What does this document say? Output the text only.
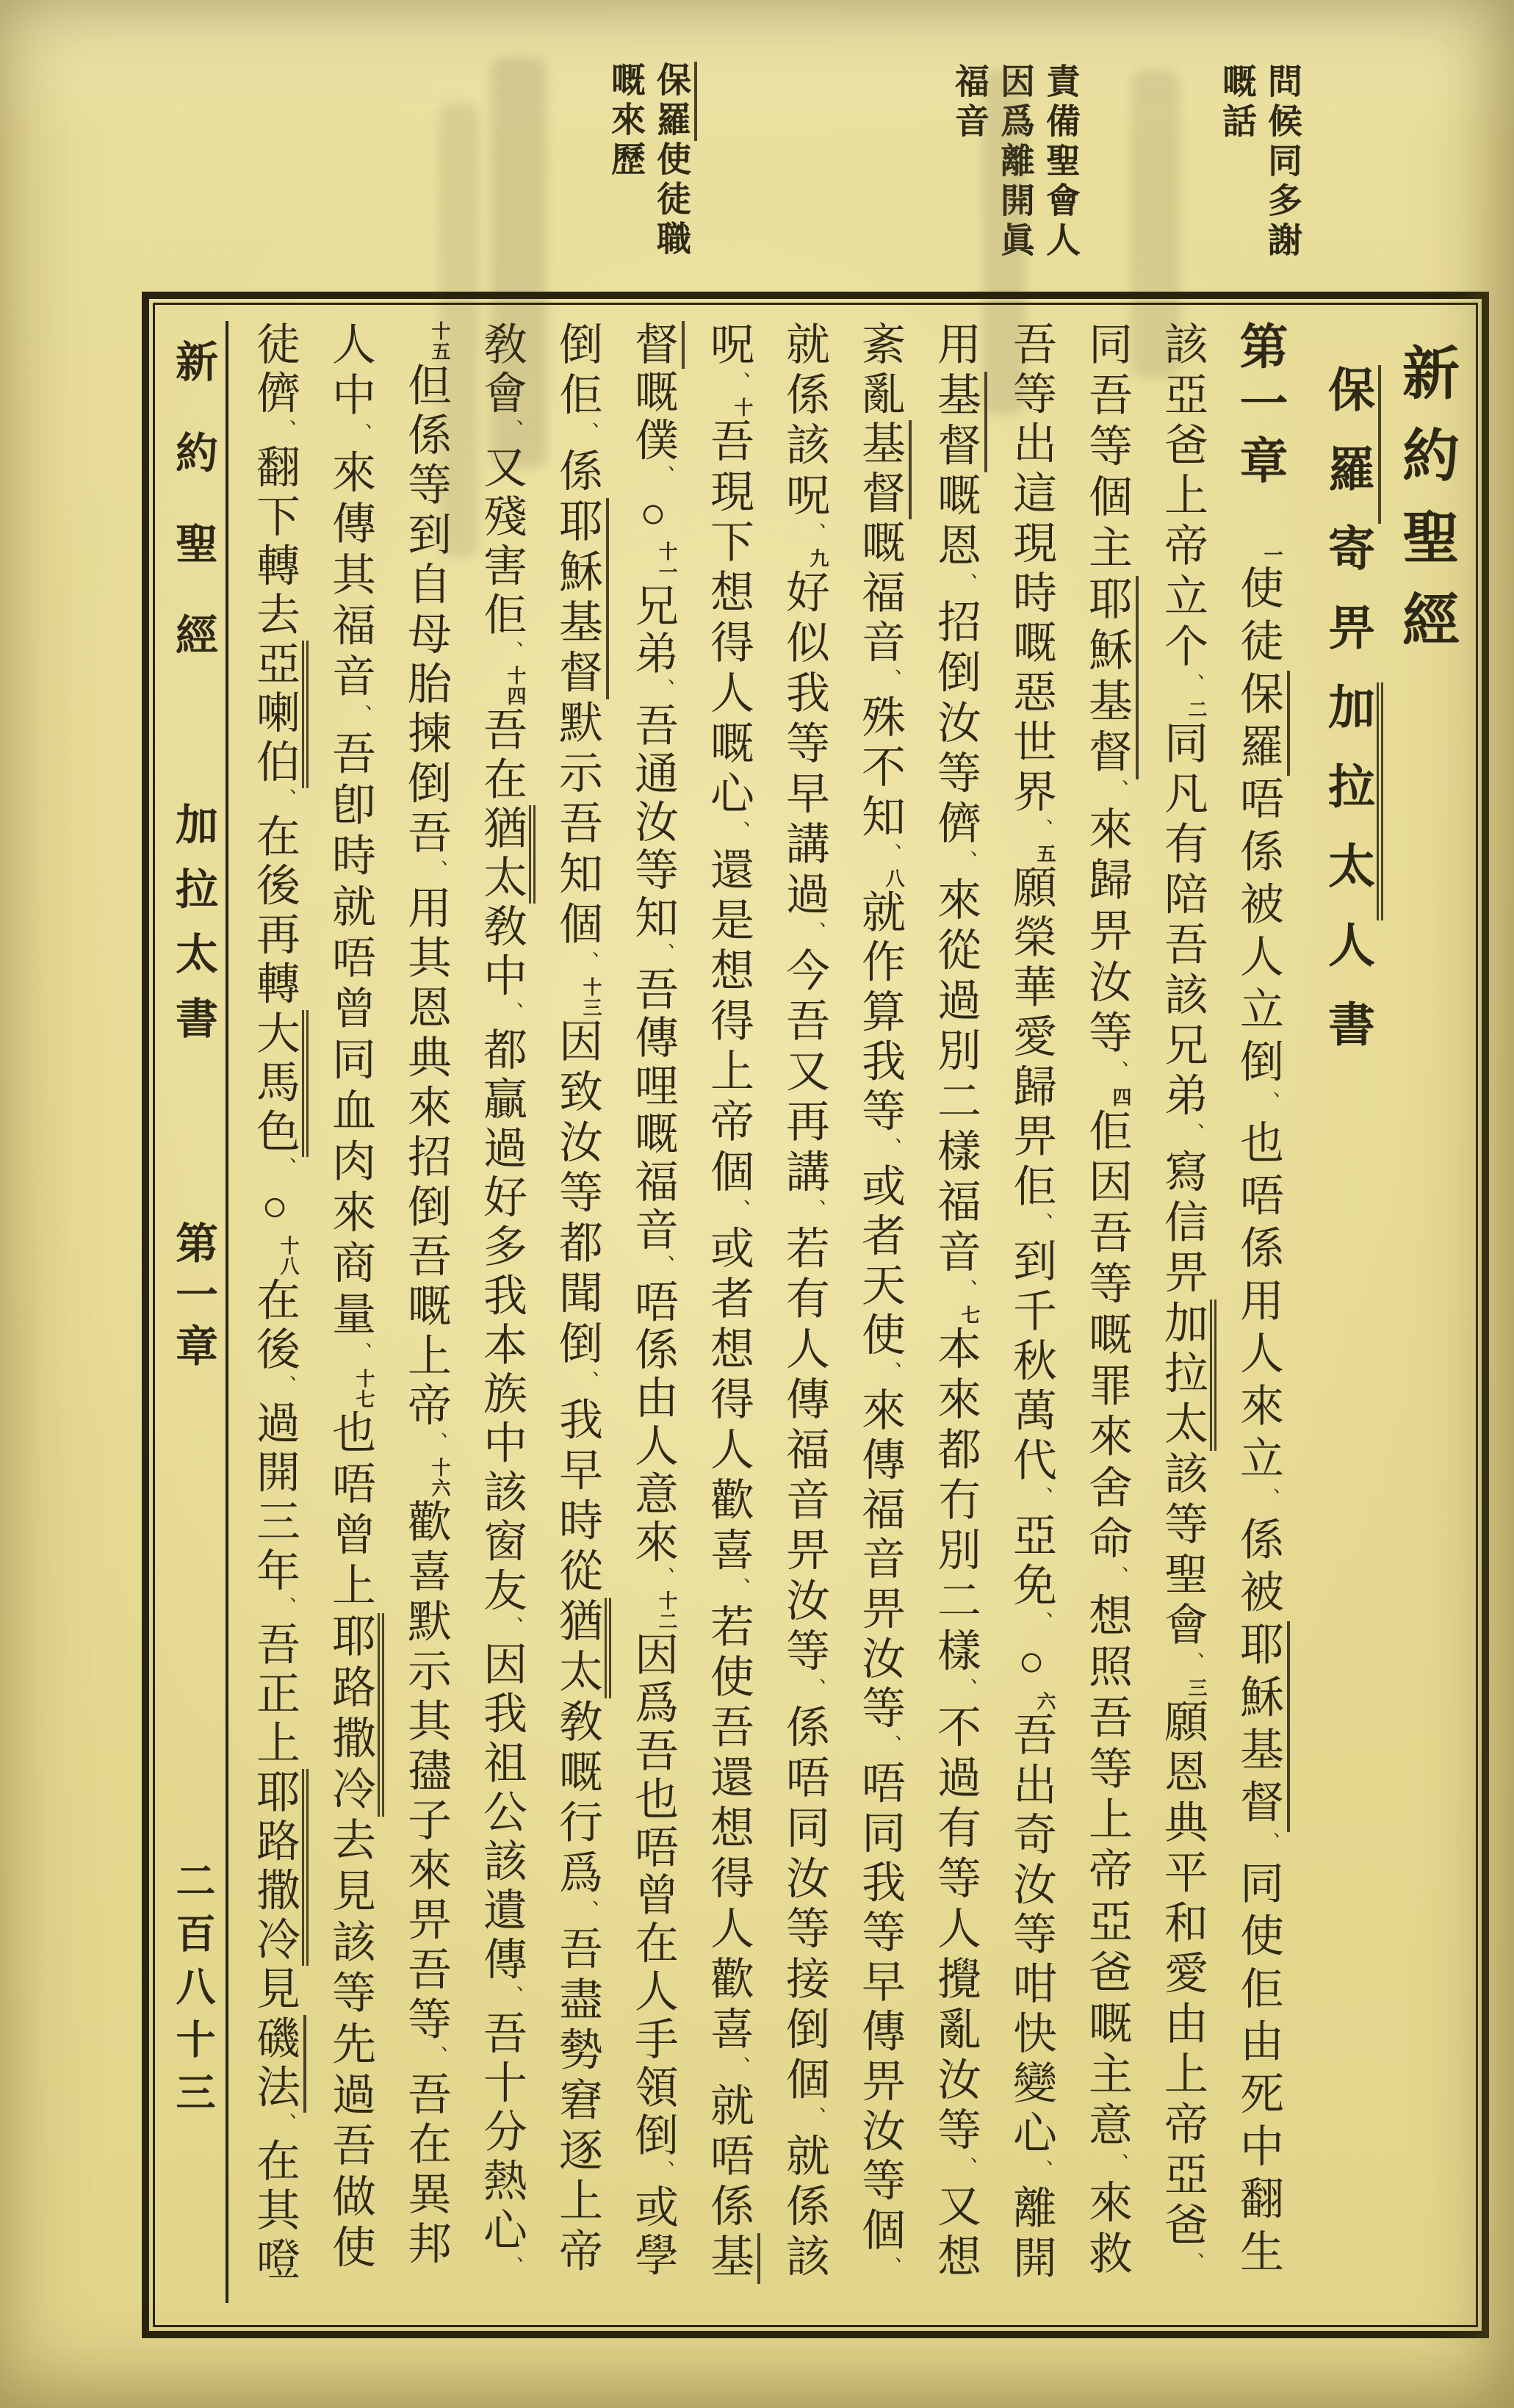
問候同多謝
嘅話
責備聖會人
因爲離開眞
福音
保羅使徒職
嘅來歷
新約聖經
保羅寄畀加拉太人書
第一章　$^一$使徒保羅唔係被人立倒、也唔係用人來立、係被耶穌基督、同使佢由死中翻生
該亞爸上帝立个$^{、二}$同凡有陪吾該兄弟、寫信畀加拉太該等聖會$^{、三}$願恩典平和愛由上帝亞爸、
同吾等個主耶穌基督、來歸畀汝等$^{、四}$佢因吾等嘅罪來舍命、想照吾等上帝亞爸嘅主意、來救
吾等出這現時嘅惡世界$^{、五}$願榮華愛歸畀佢、到千秋萬代、亞免、○$^六$吾出奇汝等咁快變心、離開
用基督嘅恩、招倒汝等儕、來從過別二樣福音$^{、七}$本來都冇別二樣、不過有等人攪亂汝等、又想
紊亂基督嘅福音、殊不知$^{、八}$就作算我等、或者天使、來傳福音畀汝等、唔同我等早傳畀汝等個、
就係該呪$^{、九}$好似我等早講過、今吾又再講、若有人傳福音畀汝等、係唔同汝等接倒個、就係該
呪$^{、十}$吾現下想得人嘅心、還是想得上帝個、或者想得人歡喜、若使吾還想得人歡喜、就唔係基
督嘅僕、○$^{十一}$兄弟、吾通汝等知、吾傳哩嘅福音、唔係由人意來$^{、十二}$因爲吾也唔曾在人手領倒、或學
倒佢、係耶穌基督默示吾知個$^{、十三}$因致汝等都聞倒、我早時從猶太敎嘅行爲、吾盡勢窘逐上帝
敎會、又殘害佢$^{、十四}$吾在猶太敎中、都贏過好多我本族中該窗友、因我祖公該遺傳、吾十分熱心、
$^{十五}$但係等到自母胎揀倒吾、用其恩典來招倒吾嘅上帝$^{、十六}$歡喜默示其孻子來畀吾等、吾在異邦
人中、來傳其福音、吾卽時就唔曾同血肉來商量$^{、十七}$也唔曾上耶路撒冷去見該等先過吾做使
徒儕、翻下轉去亞喇伯、在後再轉大馬色、○$^{十八}$在後、過開三年、吾正上耶路撒冷見磯法、在其噔
新約聖經
加拉太書
第一章
二百八十三
